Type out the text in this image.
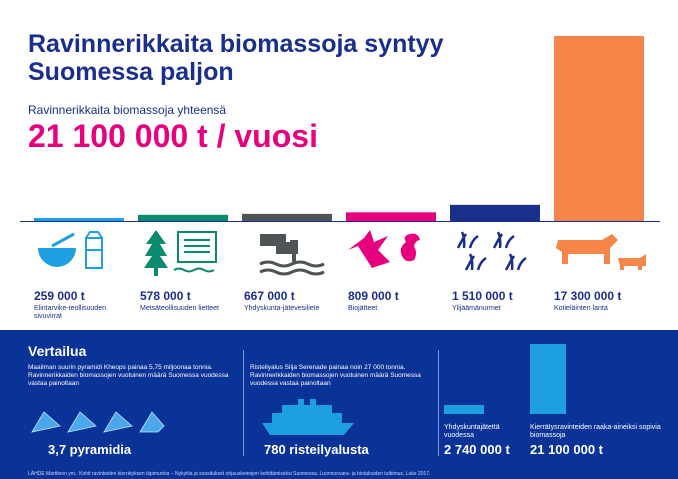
Ravinnerikkaita biomassoja syntyy Suomessa paljon
Ravinnerikkaita biomassoja yhteensä
21 100 000 t / vuosi
259 000 t	578 000 t	667 000 t	809 000 t	1 510 000 t	17 300 000 t
Elintarvike-teollisuuden sivuvirrat
Metsäteollisuuden lietteet	Yhdyskunta-jätevesiliete	Biojätteet	Ylijäämänurmet	Kotieläinten lanta
Vertailua
Maailman suurin pyramidi Kheops painaa 5,75 miljoonaa tonnia. Ravinnerikkaiden biomassojen vuotuinen määrä Suomessa vuodessa vastaa painoltaan
3,7 pyramidia
Risteilyalus Silja Serenade painaa noin 27 000 tonnia. Ravinnerikkaiden biomassojen vuotuinen määrä Suomessa vuodessa vastaa painoltaan
780 risteilyalusta
Yhdyskuntajätettä vuodessa
2 740 000 t
Kierrätysravinteiden raaka-aineiksi sopivia biomassoja
21 100 000 t
LÄHDE Marttinen ym.: Kohti ravinteiden kierrätyksen läpimurtoa – Nykytila ja suositukset ohjauskeinojen kehittämiseksi Suomessa. Luonnonvara- ja biotalouden tutkimus, Luke 2017.
